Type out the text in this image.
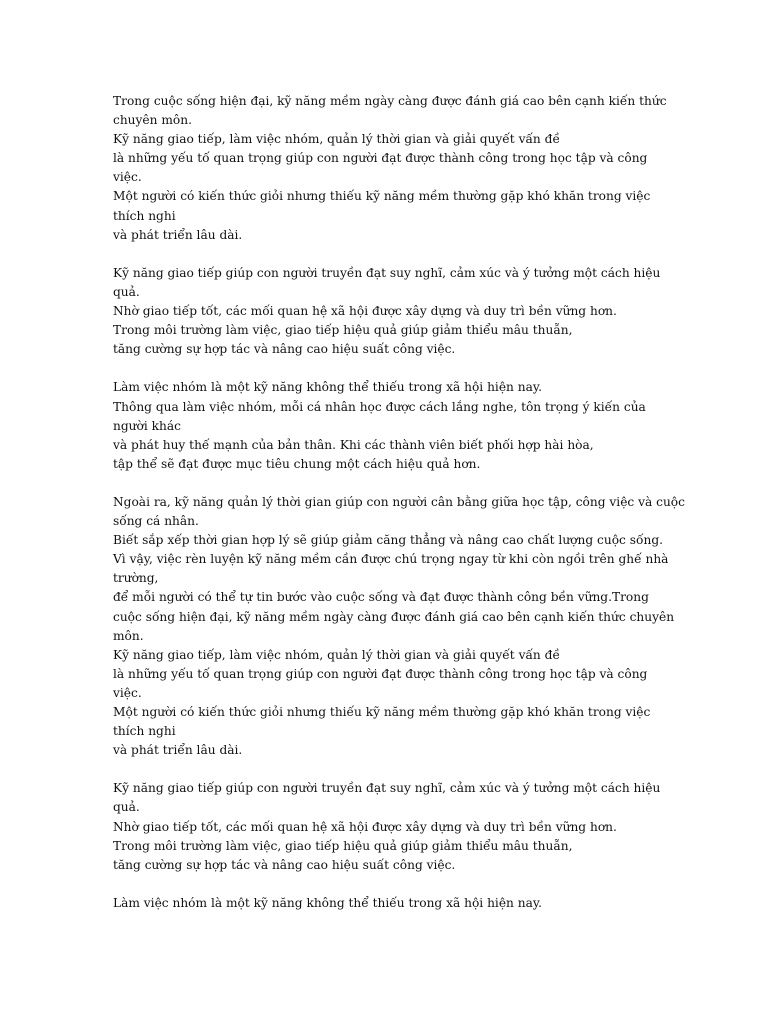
Trong cuộc sống hiện đại, kỹ năng mềm ngày càng được đánh giá cao bên cạnh kiến thức
chuyên môn.
Kỹ năng giao tiếp, làm việc nhóm, quản lý thời gian và giải quyết vấn đề
là những yếu tố quan trọng giúp con người đạt được thành công trong học tập và công
việc.
Một người có kiến thức giỏi nhưng thiếu kỹ năng mềm thường gặp khó khăn trong việc
thích nghi
và phát triển lâu dài.
Kỹ năng giao tiếp giúp con người truyền đạt suy nghĩ, cảm xúc và ý tưởng một cách hiệu
quả.
Nhờ giao tiếp tốt, các mối quan hệ xã hội được xây dựng và duy trì bền vững hơn.
Trong môi trường làm việc, giao tiếp hiệu quả giúp giảm thiểu mâu thuẫn,
tăng cường sự hợp tác và nâng cao hiệu suất công việc.
Làm việc nhóm là một kỹ năng không thể thiếu trong xã hội hiện nay.
Thông qua làm việc nhóm, mỗi cá nhân học được cách lắng nghe, tôn trọng ý kiến của
người khác
và phát huy thế mạnh của bản thân. Khi các thành viên biết phối hợp hài hòa,
tập thể sẽ đạt được mục tiêu chung một cách hiệu quả hơn.
Ngoài ra, kỹ năng quản lý thời gian giúp con người cân bằng giữa học tập, công việc và cuộc
sống cá nhân.
Biết sắp xếp thời gian hợp lý sẽ giúp giảm căng thẳng và nâng cao chất lượng cuộc sống.
Vì vậy, việc rèn luyện kỹ năng mềm cần được chú trọng ngay từ khi còn ngồi trên ghế nhà
trường,
để mỗi người có thể tự tin bước vào cuộc sống và đạt được thành công bền vững.Trong
cuộc sống hiện đại, kỹ năng mềm ngày càng được đánh giá cao bên cạnh kiến thức chuyên
môn.
Kỹ năng giao tiếp, làm việc nhóm, quản lý thời gian và giải quyết vấn đề
là những yếu tố quan trọng giúp con người đạt được thành công trong học tập và công
việc.
Một người có kiến thức giỏi nhưng thiếu kỹ năng mềm thường gặp khó khăn trong việc
thích nghi
và phát triển lâu dài.
Kỹ năng giao tiếp giúp con người truyền đạt suy nghĩ, cảm xúc và ý tưởng một cách hiệu
quả.
Nhờ giao tiếp tốt, các mối quan hệ xã hội được xây dựng và duy trì bền vững hơn.
Trong môi trường làm việc, giao tiếp hiệu quả giúp giảm thiểu mâu thuẫn,
tăng cường sự hợp tác và nâng cao hiệu suất công việc.
Làm việc nhóm là một kỹ năng không thể thiếu trong xã hội hiện nay.
